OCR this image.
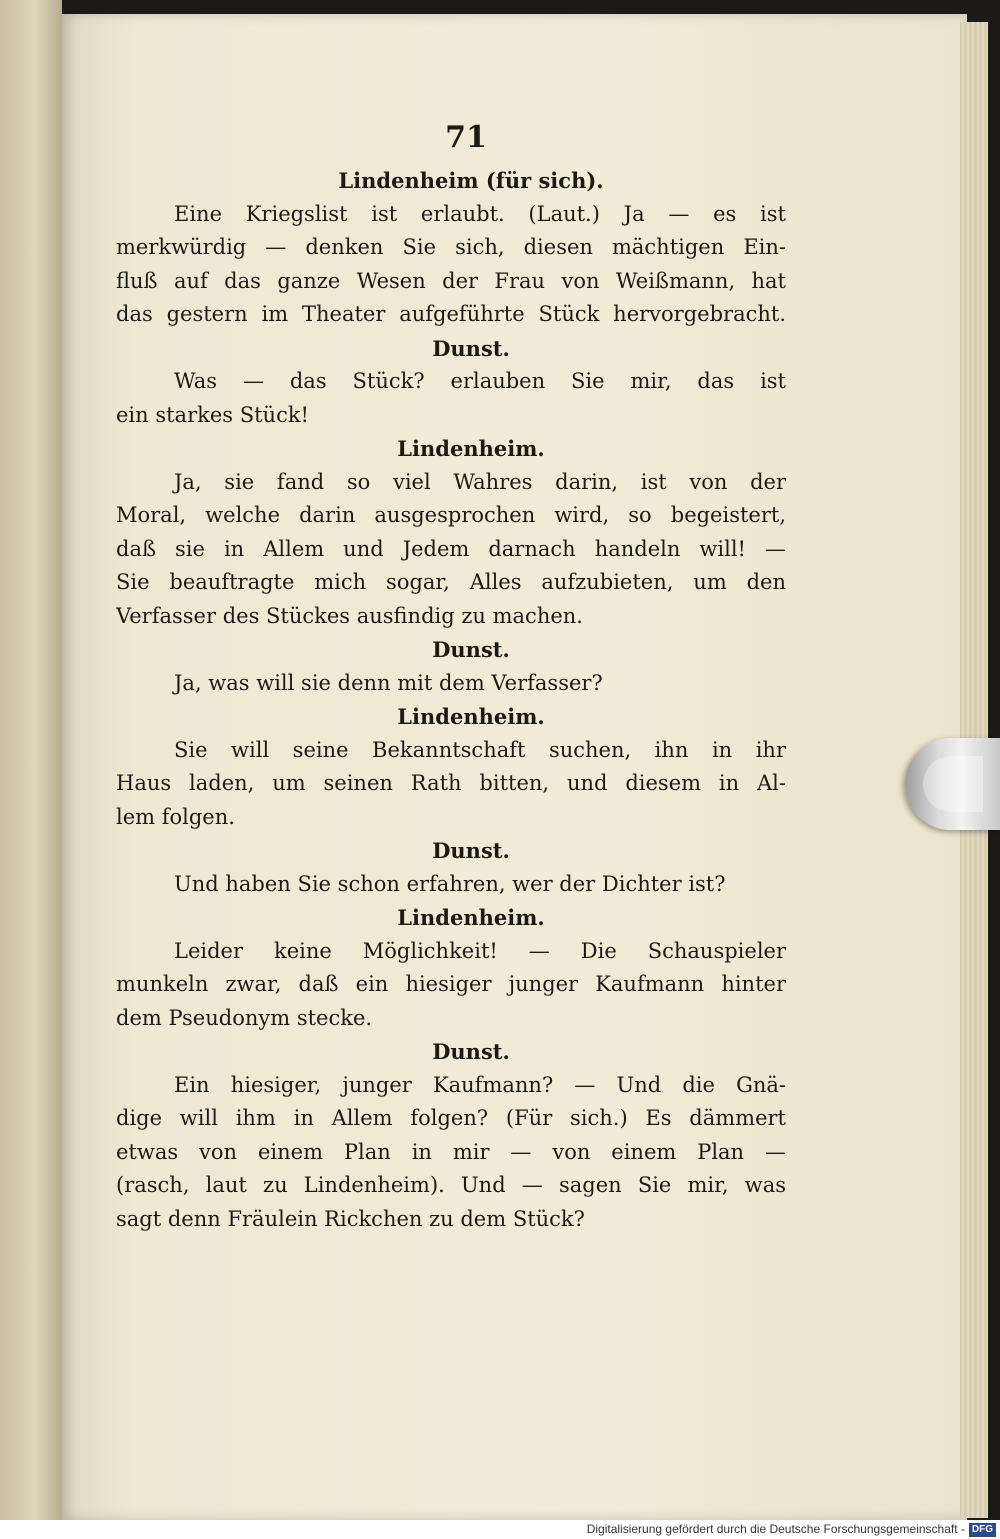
71
Lindenheim (für sich).
Eine Kriegslist ist erlaubt. (Laut.) Ja — es ist
merkwürdig — denken Sie sich, diesen mächtigen Ein-
fluß auf das ganze Wesen der Frau von Weißmann, hat
das gestern im Theater aufgeführte Stück hervorgebracht.
Dunst.
Was — das Stück? erlauben Sie mir, das ist
ein starkes Stück!
Lindenheim.
Ja, sie fand so viel Wahres darin, ist von der
Moral, welche darin ausgesprochen wird, so begeistert,
daß sie in Allem und Jedem darnach handeln will! —
Sie beauftragte mich sogar, Alles aufzubieten, um den
Verfasser des Stückes ausfindig zu machen.
Dunst.
Ja, was will sie denn mit dem Verfasser?
Lindenheim.
Sie will seine Bekanntschaft suchen, ihn in ihr
Haus laden, um seinen Rath bitten, und diesem in Al-
lem folgen.
Dunst.
Und haben Sie schon erfahren, wer der Dichter ist?
Lindenheim.
Leider keine Möglichkeit! — Die Schauspieler
munkeln zwar, daß ein hiesiger junger Kaufmann hinter
dem Pseudonym stecke.
Dunst.
Ein hiesiger, junger Kaufmann? — Und die Gnä-
dige will ihm in Allem folgen? (Für sich.) Es dämmert
etwas von einem Plan in mir — von einem Plan —
(rasch, laut zu Lindenheim). Und — sagen Sie mir, was
sagt denn Fräulein Rickchen zu dem Stück?
Digitalisierung gefördert durch die Deutsche Forschungsgemeinschaft - DFG
